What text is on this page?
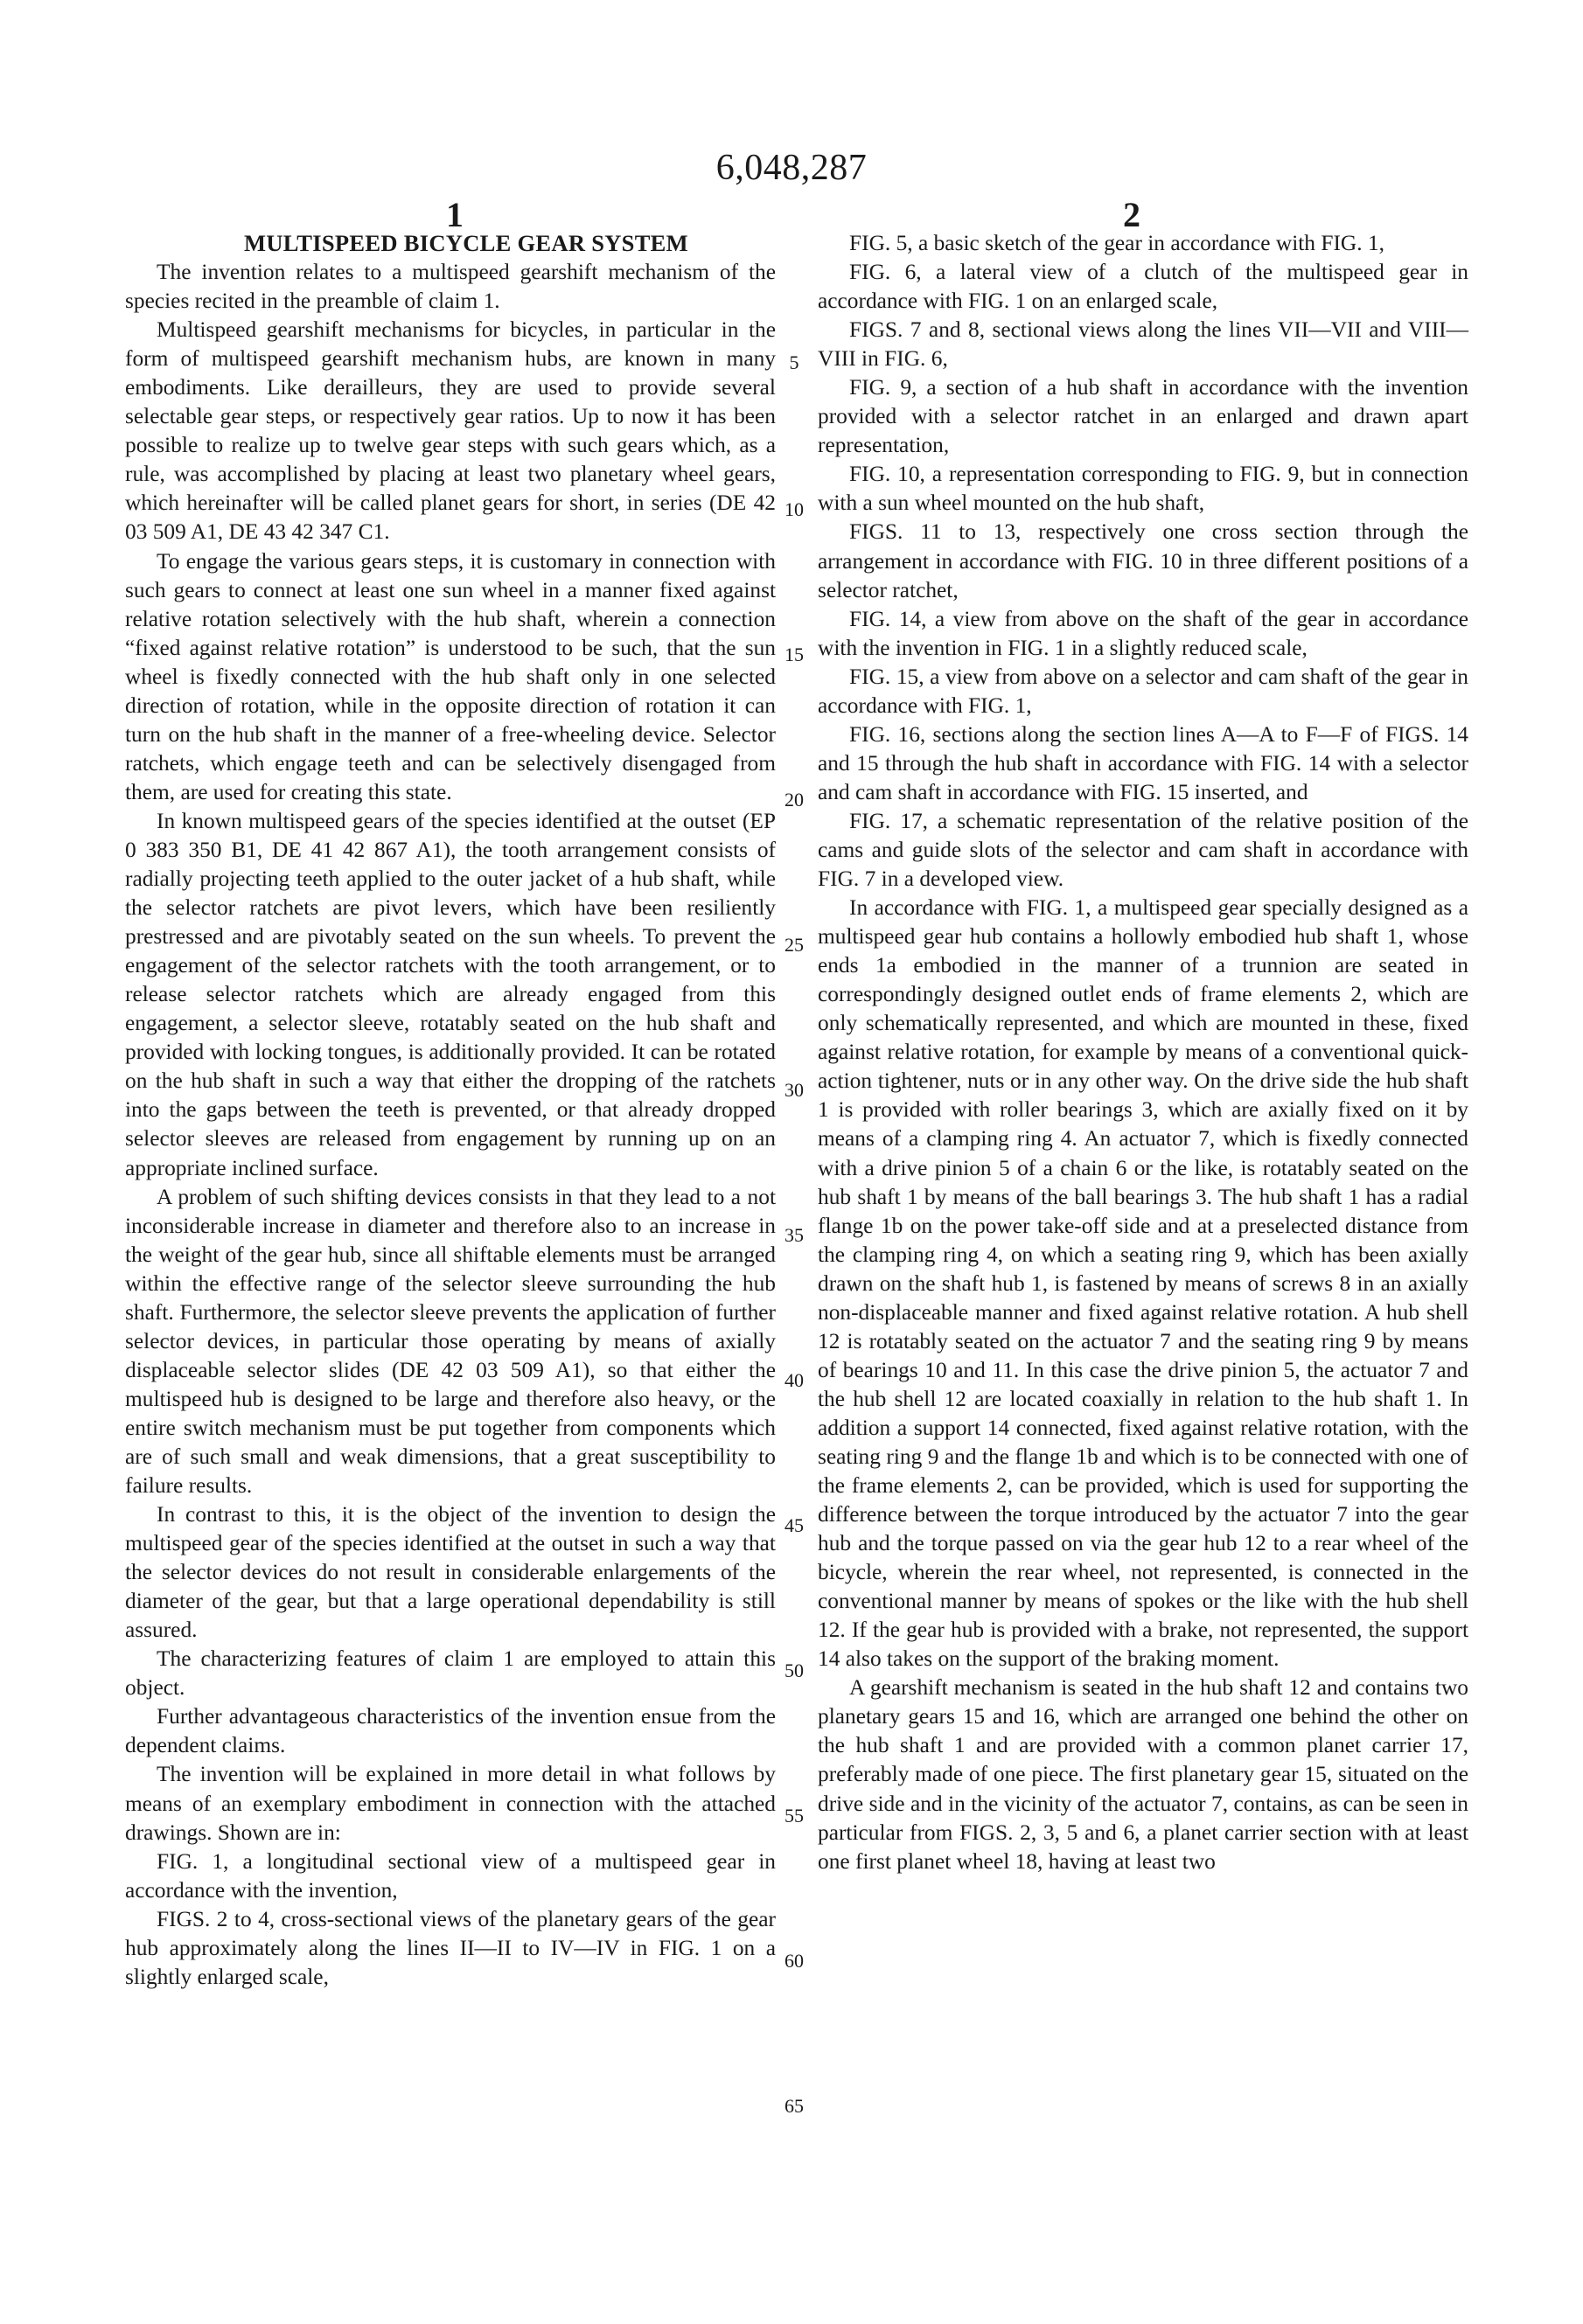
6,048,287
1	2

MULTISPEED BICYCLE GEAR SYSTEM

The invention relates to a multispeed gearshift mechanism of the species recited in the preamble of claim 1.

Multispeed gearshift mechanisms for bicycles, in particular in the form of multispeed gearshift mechanism hubs, are known in many embodiments. Like derailleurs, they are used to provide several selectable gear steps, or respectively gear ratios. Up to now it has been possible to realize up to twelve gear steps with such gears which, as a rule, was accomplished by placing at least two planetary wheel gears, which hereinafter will be called planet gears for short, in series (DE 42 03 509 A1, DE 43 42 347 C1.

To engage the various gears steps, it is customary in connection with such gears to connect at least one sun wheel in a manner fixed against relative rotation selectively with the hub shaft, wherein a connection “fixed against relative rotation” is understood to be such, that the sun wheel is fixedly connected with the hub shaft only in one selected direction of rotation, while in the opposite direction of rotation it can turn on the hub shaft in the manner of a free-wheeling device. Selector ratchets, which engage teeth and can be selectively disengaged from them, are used for creating this state.

In known multispeed gears of the species identified at the outset (EP 0 383 350 B1, DE 41 42 867 A1), the tooth arrangement consists of radially projecting teeth applied to the outer jacket of a hub shaft, while the selector ratchets are pivot levers, which have been resiliently prestressed and are pivotably seated on the sun wheels. To prevent the engagement of the selector ratchets with the tooth arrangement, or to release selector ratchets which are already engaged from this engagement, a selector sleeve, rotatably seated on the hub shaft and provided with locking tongues, is additionally provided. It can be rotated on the hub shaft in such a way that either the dropping of the ratchets into the gaps between the teeth is prevented, or that already dropped selector sleeves are released from engagement by running up on an appropriate inclined surface.

A problem of such shifting devices consists in that they lead to a not inconsiderable increase in diameter and therefore also to an increase in the weight of the gear hub, since all shiftable elements must be arranged within the effective range of the selector sleeve surrounding the hub shaft. Furthermore, the selector sleeve prevents the application of further selector devices, in particular those operating by means of axially displaceable selector slides (DE 42 03 509 A1), so that either the multispeed hub is designed to be large and therefore also heavy, or the entire switch mechanism must be put together from components which are of such small and weak dimensions, that a great susceptibility to failure results.

In contrast to this, it is the object of the invention to design the multispeed gear of the species identified at the outset in such a way that the selector devices do not result in considerable enlargements of the diameter of the gear, but that a large operational dependability is still assured.

The characterizing features of claim 1 are employed to attain this object.

Further advantageous characteristics of the invention ensue from the dependent claims.

The invention will be explained in more detail in what follows by means of an exemplary embodiment in connection with the attached drawings. Shown are in:

FIG. 1, a longitudinal sectional view of a multispeed gear in accordance with the invention,

FIGS. 2 to 4, cross-sectional views of the planetary gears of the gear hub approximately along the lines II—II to IV—IV in FIG. 1 on a slightly enlarged scale,

5
10
15
20
25
30
35
40
45
50
55
60
65

FIG. 5, a basic sketch of the gear in accordance with FIG. 1,

FIG. 6, a lateral view of a clutch of the multispeed gear in accordance with FIG. 1 on an enlarged scale,

FIGS. 7 and 8, sectional views along the lines VII—VII and VIII—VIII in FIG. 6,

FIG. 9, a section of a hub shaft in accordance with the invention provided with a selector ratchet in an enlarged and drawn apart representation,

FIG. 10, a representation corresponding to FIG. 9, but in connection with a sun wheel mounted on the hub shaft,

FIGS. 11 to 13, respectively one cross section through the arrangement in accordance with FIG. 10 in three different positions of a selector ratchet,

FIG. 14, a view from above on the shaft of the gear in accordance with the invention in FIG. 1 in a slightly reduced scale,

FIG. 15, a view from above on a selector and cam shaft of the gear in accordance with FIG. 1,

FIG. 16, sections along the section lines A—A to F—F of FIGS. 14 and 15 through the hub shaft in accordance with FIG. 14 with a selector and cam shaft in accordance with FIG. 15 inserted, and

FIG. 17, a schematic representation of the relative position of the cams and guide slots of the selector and cam shaft in accordance with FIG. 7 in a developed view.

In accordance with FIG. 1, a multispeed gear specially designed as a multispeed gear hub contains a hollowly embodied hub shaft 1, whose ends 1a embodied in the manner of a trunnion are seated in correspondingly designed outlet ends of frame elements 2, which are only schematically represented, and which are mounted in these, fixed against relative rotation, for example by means of a conventional quick-action tightener, nuts or in any other way. On the drive side the hub shaft 1 is provided with roller bearings 3, which are axially fixed on it by means of a clamping ring 4. An actuator 7, which is fixedly connected with a drive pinion 5 of a chain 6 or the like, is rotatably seated on the hub shaft 1 by means of the ball bearings 3. The hub shaft 1 has a radial flange 1b on the power take-off side and at a preselected distance from the clamping ring 4, on which a seating ring 9, which has been axially drawn on the shaft hub 1, is fastened by means of screws 8 in an axially non-displaceable manner and fixed against relative rotation. A hub shell 12 is rotatably seated on the actuator 7 and the seating ring 9 by means of bearings 10 and 11. In this case the drive pinion 5, the actuator 7 and the hub shell 12 are located coaxially in relation to the hub shaft 1. In addition a support 14 connected, fixed against relative rotation, with the seating ring 9 and the flange 1b and which is to be connected with one of the frame elements 2, can be provided, which is used for supporting the difference between the torque introduced by the actuator 7 into the gear hub and the torque passed on via the gear hub 12 to a rear wheel of the bicycle, wherein the rear wheel, not represented, is connected in the conventional manner by means of spokes or the like with the hub shell 12. If the gear hub is provided with a brake, not represented, the support 14 also takes on the support of the braking moment.

A gearshift mechanism is seated in the hub shaft 12 and contains two planetary gears 15 and 16, which are arranged one behind the other on the hub shaft 1 and are provided with a common planet carrier 17, preferably made of one piece. The first planetary gear 15, situated on the drive side and in the vicinity of the actuator 7, contains, as can be seen in particular from FIGS. 2, 3, 5 and 6, a planet carrier section with at least one first planet wheel 18, having at least two
